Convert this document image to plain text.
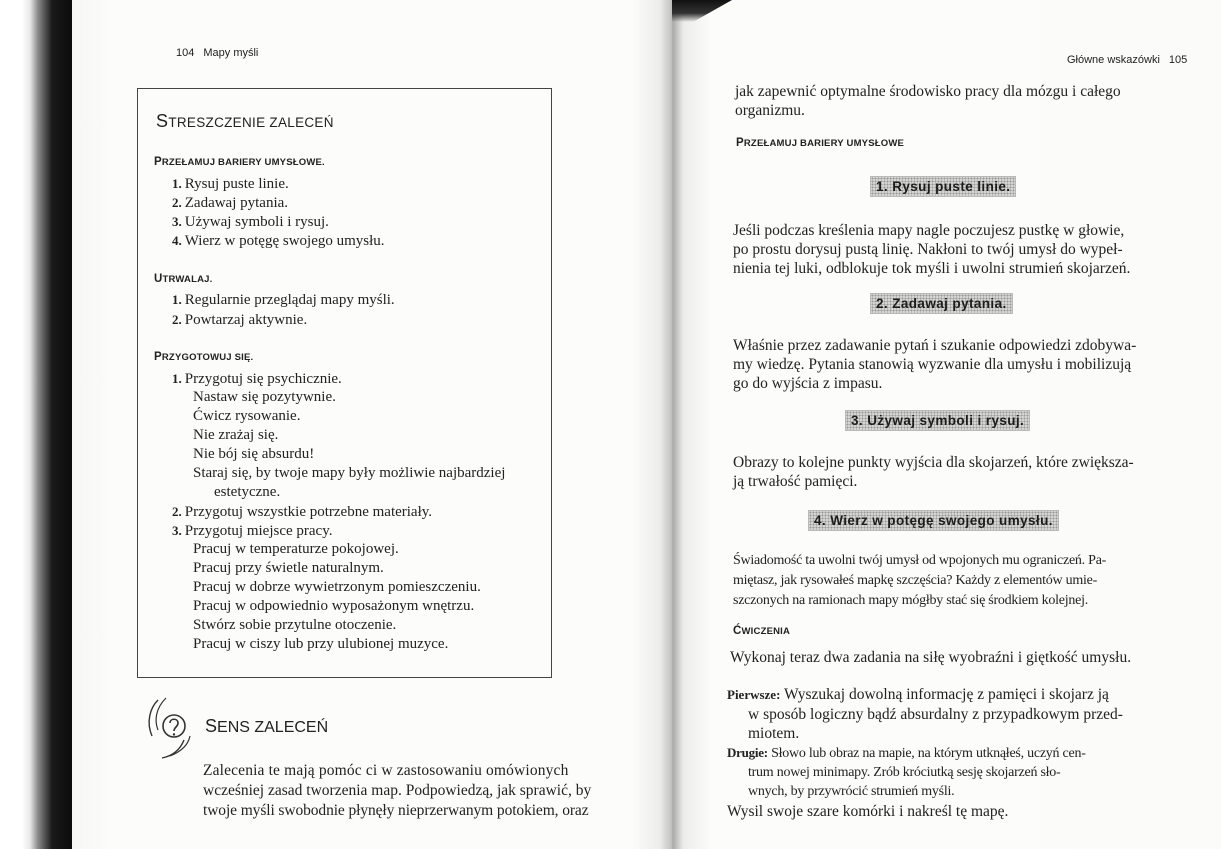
104 Mapy myśli
STRESZCZENIE ZALECEŃ
PRZEŁAMUJ BARIERY UMYSŁOWE.
1. Rysuj puste linie.
2. Zadawaj pytania.
3. Używaj symboli i rysuj.
4. Wierz w potęgę swojego umysłu.
UTRWALAJ.
1. Regularnie przeglądaj mapy myśli.
2. Powtarzaj aktywnie.
PRZYGOTOWUJ SIĘ.
1. Przygotuj się psychicznie.
Nastaw się pozytywnie.
Ćwicz rysowanie.
Nie zrażaj się.
Nie bój się absurdu!
Staraj się, by twoje mapy były możliwie najbardziej
estetyczne.
2. Przygotuj wszystkie potrzebne materiały.
3. Przygotuj miejsce pracy.
Pracuj w temperaturze pokojowej.
Pracuj przy świetle naturalnym.
Pracuj w dobrze wywietrzonym pomieszczeniu.
Pracuj w odpowiednio wyposażonym wnętrzu.
Stwórz sobie przytulne otoczenie.
Pracuj w ciszy lub przy ulubionej muzyce.
SENS ZALECEŃ
Zalecenia te mają pomóc ci w zastosowaniu omówionych
wcześniej zasad tworzenia map. Podpowiedzą, jak sprawić, by
twoje myśli swobodnie płynęły nieprzerwanym potokiem, oraz
Główne wskazówki 105
jak zapewnić optymalne środowisko pracy dla mózgu i całego
organizmu.
PRZEŁAMUJ BARIERY UMYSŁOWE
1. Rysuj puste linie.
Jeśli podczas kreślenia mapy nagle poczujesz pustkę w głowie,
po prostu dorysuj pustą linię. Nakłoni to twój umysł do wypeł-
nienia tej luki, odblokuje tok myśli i uwolni strumień skojarzeń.
2. Zadawaj pytania.
Właśnie przez zadawanie pytań i szukanie odpowiedzi zdobywa-
my wiedzę. Pytania stanowią wyzwanie dla umysłu i mobilizują
go do wyjścia z impasu.
3. Używaj symboli i rysuj.
Obrazy to kolejne punkty wyjścia dla skojarzeń, które zwiększa-
ją trwałość pamięci.
4. Wierz w potęgę swojego umysłu.
Świadomość ta uwolni twój umysł od wpojonych mu ograniczeń. Pa-
miętasz, jak rysowałeś mapkę szczęścia? Każdy z elementów umie-
szczonych na ramionach mapy mógłby stać się środkiem kolejnej.
ĆWICZENIA
Wykonaj teraz dwa zadania na siłę wyobraźni i giętkość umysłu.
Pierwsze: Wyszukaj dowolną informację z pamięci i skojarz ją
w sposób logiczny bądź absurdalny z przypadkowym przed-
miotem.
Drugie: Słowo lub obraz na mapie, na którym utknąłeś, uczyń cen-
trum nowej minimapy. Zrób króciutką sesję skojarzeń sło-
wnych, by przywrócić strumień myśli.
Wysil swoje szare komórki i nakreśl tę mapę.
